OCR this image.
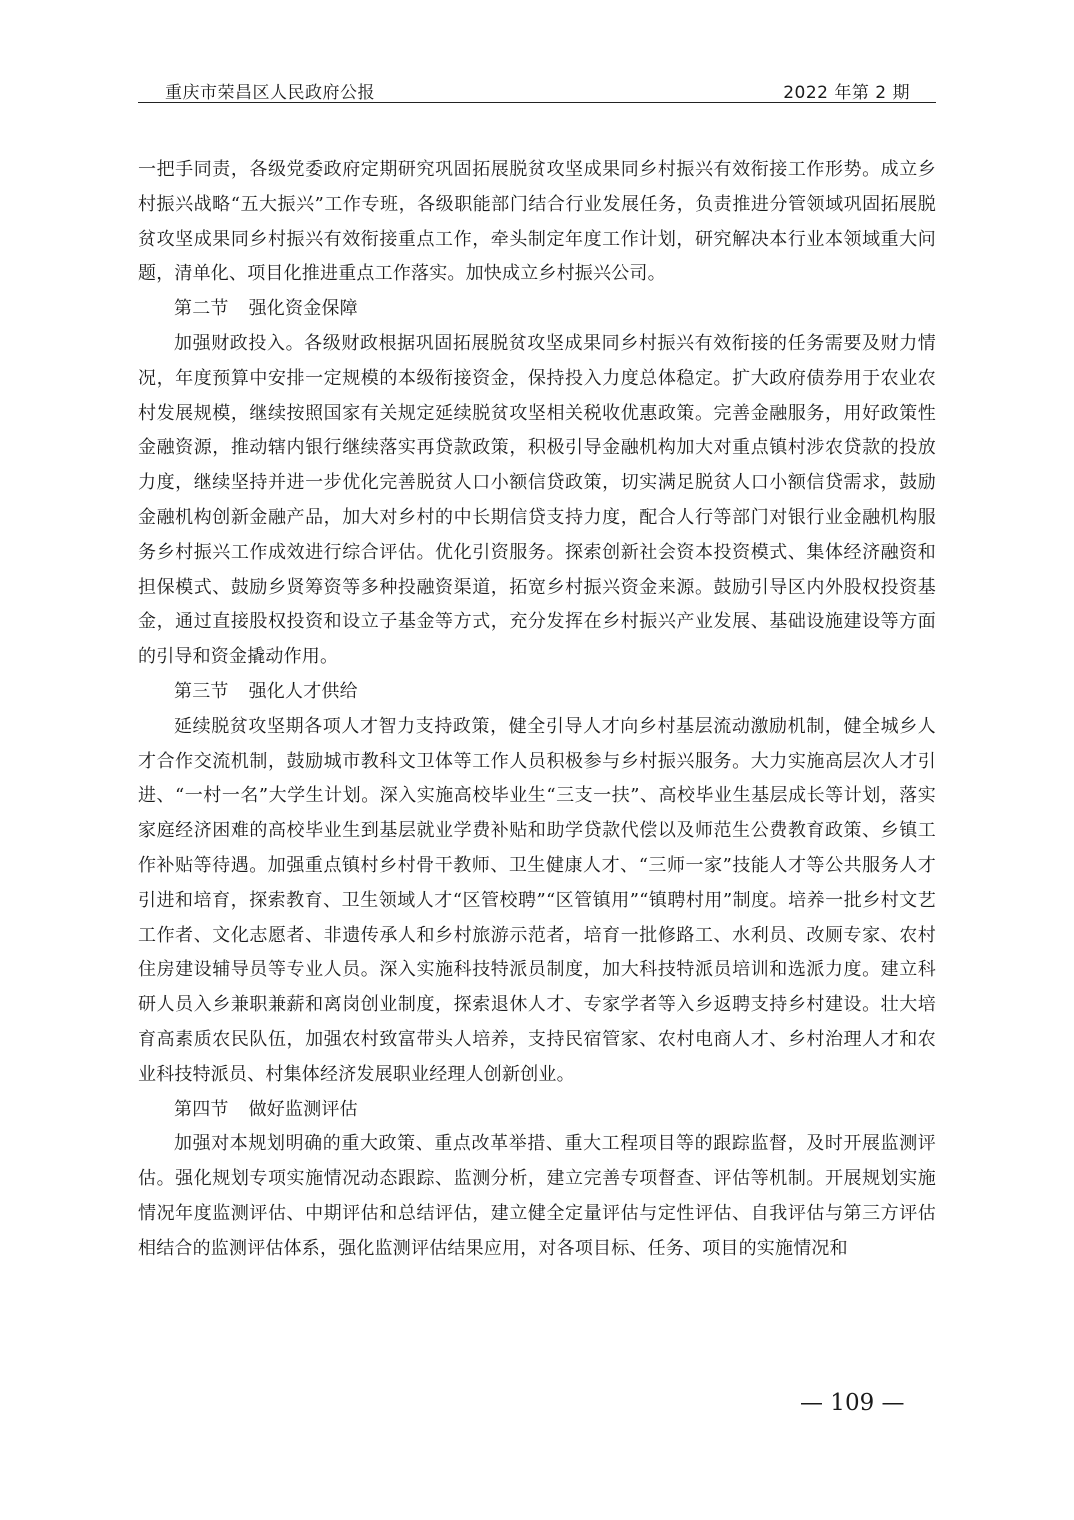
重庆市荣昌区人民政府公报	2022 年第 2 期

一把手同责，各级党委政府定期研究巩固拓展脱贫攻坚成果同乡村振兴有效衔接工作形势。成立乡村振兴战略“五大振兴”工作专班，各级职能部门结合行业发展任务，负责推进分管领域巩固拓展脱贫攻坚成果同乡村振兴有效衔接重点工作，牵头制定年度工作计划，研究解决本行业本领域重大问题，清单化、项目化推进重点工作落实。加快成立乡村振兴公司。

第二节 强化资金保障

加强财政投入。各级财政根据巩固拓展脱贫攻坚成果同乡村振兴有效衔接的任务需要及财力情况，年度预算中安排一定规模的本级衔接资金，保持投入力度总体稳定。扩大政府债券用于农业农村发展规模，继续按照国家有关规定延续脱贫攻坚相关税收优惠政策。完善金融服务，用好政策性金融资源，推动辖内银行继续落实再贷款政策，积极引导金融机构加大对重点镇村涉农贷款的投放力度，继续坚持并进一步优化完善脱贫人口小额信贷政策，切实满足脱贫人口小额信贷需求，鼓励金融机构创新金融产品，加大对乡村的中长期信贷支持力度，配合人行等部门对银行业金融机构服务乡村振兴工作成效进行综合评估。优化引资服务。探索创新社会资本投资模式、集体经济融资和担保模式、鼓励乡贤筹资等多种投融资渠道，拓宽乡村振兴资金来源。鼓励引导区内外股权投资基金，通过直接股权投资和设立子基金等方式，充分发挥在乡村振兴产业发展、基础设施建设等方面的引导和资金撬动作用。

第三节 强化人才供给

延续脱贫攻坚期各项人才智力支持政策，健全引导人才向乡村基层流动激励机制，健全城乡人才合作交流机制，鼓励城市教科文卫体等工作人员积极参与乡村振兴服务。大力实施高层次人才引进、“一村一名”大学生计划。深入实施高校毕业生“三支一扶”、高校毕业生基层成长等计划，落实家庭经济困难的高校毕业生到基层就业学费补贴和助学贷款代偿以及师范生公费教育政策、乡镇工作补贴等待遇。加强重点镇村乡村骨干教师、卫生健康人才、“三师一家”技能人才等公共服务人才引进和培育，探索教育、卫生领域人才“区管校聘”“区管镇用”“镇聘村用”制度。培养一批乡村文艺工作者、文化志愿者、非遗传承人和乡村旅游示范者，培育一批修路工、水利员、改厕专家、农村住房建设辅导员等专业人员。深入实施科技特派员制度，加大科技特派员培训和选派力度。建立科研人员入乡兼职兼薪和离岗创业制度，探索退休人才、专家学者等入乡返聘支持乡村建设。壮大培育高素质农民队伍，加强农村致富带头人培养，支持民宿管家、农村电商人才、乡村治理人才和农业科技特派员、村集体经济发展职业经理人创新创业。

第四节 做好监测评估

加强对本规划明确的重大政策、重点改革举措、重大工程项目等的跟踪监督，及时开展监测评估。强化规划专项实施情况动态跟踪、监测分析，建立完善专项督查、评估等机制。开展规划实施情况年度监测评估、中期评估和总结评估，建立健全定量评估与定性评估、自我评估与第三方评估相结合的监测评估体系，强化监测评估结果应用，对各项目标、任务、项目的实施情况和

— 109 —
